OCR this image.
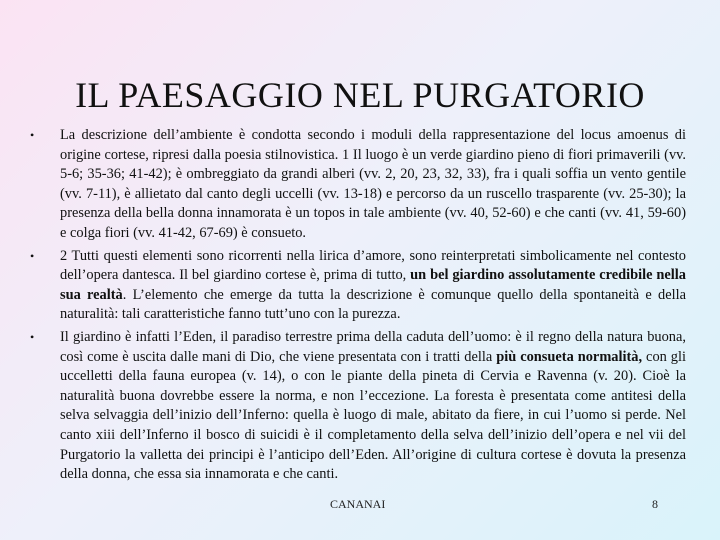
IL PAESAGGIO NEL PURGATORIO
• La descrizione dell’ambiente è condotta secondo i moduli della rappresentazione del locus amoenus di origine cortese, ripresi dalla poesia stilnovistica. 1 Il luogo è un verde giardino pieno di fiori primaverili (vv. 5-6; 35-36; 41-42); è ombreggiato da grandi alberi (vv. 2, 20, 23, 32, 33), fra i quali soffia un vento gentile (vv. 7-11), è allietato dal canto degli uccelli (vv. 13-18) e percorso da un ruscello trasparente (vv. 25-30); la presenza della bella donna innamorata è un topos in tale ambiente (vv. 40, 52-60) e che canti (vv. 41, 59-60) e colga fiori (vv. 41-42, 67-69) è consueto.
• 2 Tutti questi elementi sono ricorrenti nella lirica d’amore, sono reinterpretati simbolicamente nel contesto dell’opera dantesca. Il bel giardino cortese è, prima di tutto, un bel giardino assolutamente credibile nella sua realtà. L’elemento che emerge da tutta la descrizione è comunque quello della spontaneità e della naturalità: tali caratteristiche fanno tutt’uno con la purezza.
• Il giardino è infatti l’Eden, il paradiso terrestre prima della caduta dell’uomo: è il regno della natura buona, così come è uscita dalle mani di Dio, che viene presentata con i tratti della più consueta normalità, con gli uccelletti della fauna europea (v. 14), o con le piante della pineta di Cervia e Ravenna (v. 20). Cioè la naturalità buona dovrebbe essere la norma, e non l’eccezione. La foresta è presentata come antitesi della selva selvaggia dell’inizio dell’Inferno: quella è luogo di male, abitato da fiere, in cui l’uomo si perde. Nel canto xiii dell’Inferno il bosco di suicidi è il completamento della selva dell’inizio dell’opera e nel vii del Purgatorio la valletta dei principi è l’anticipo dell’Eden. All’origine di cultura cortese è dovuta la presenza della donna, che essa sia innamorata e che canti.
CANANAI	8
